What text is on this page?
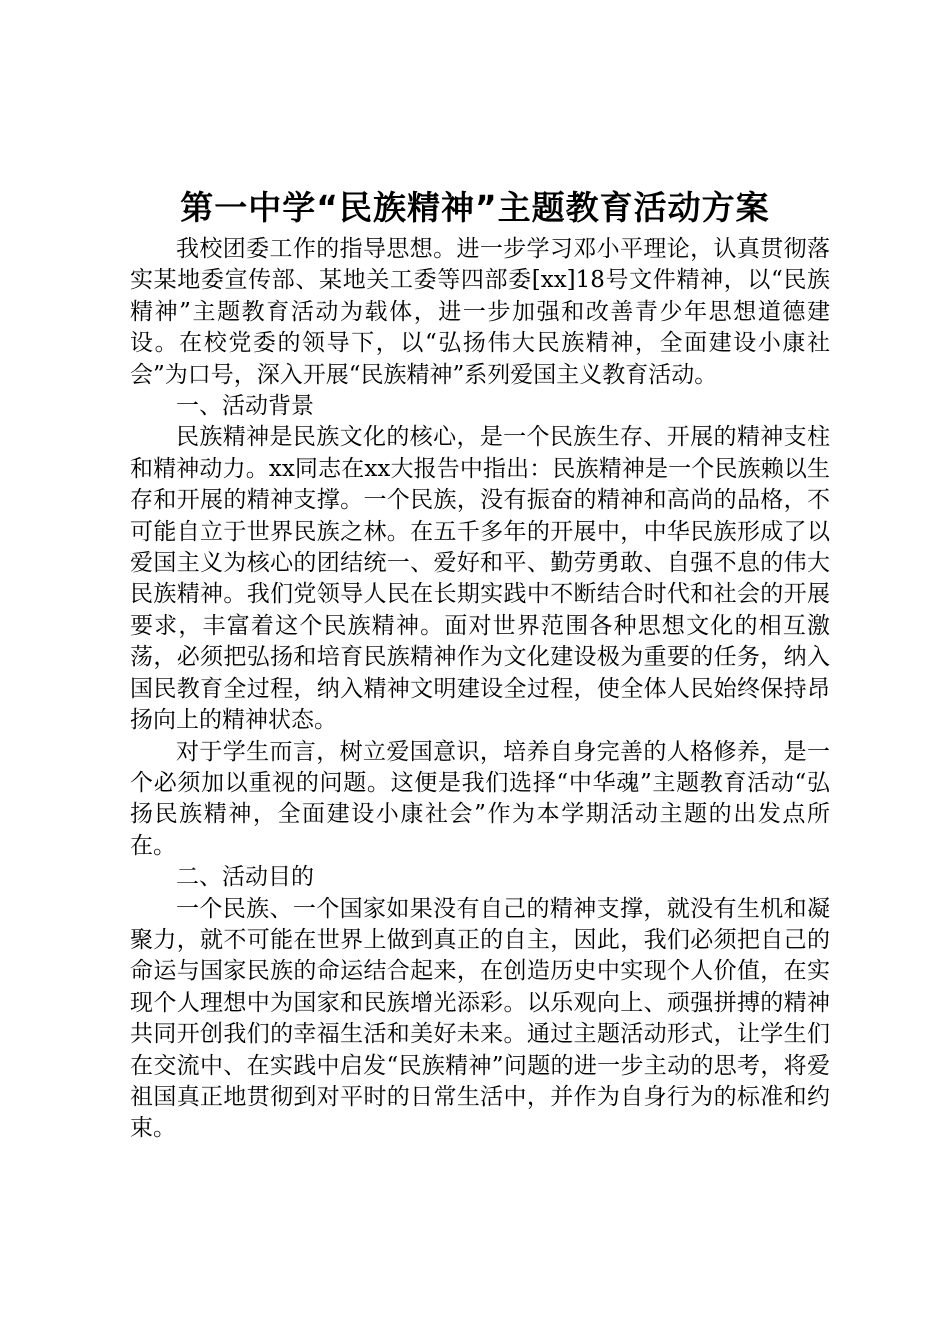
第一中学“民族精神”主题教育活动方案

我校团委工作的指导思想。进一步学习邓小平理论，认真贯彻落实某地委宣传部、某地关工委等四部委[xx]18号文件精神，以“民族精神”主题教育活动为载体，进一步加强和改善青少年思想道德建设。在校党委的领导下，以“弘扬伟大民族精神，全面建设小康社会”为口号，深入开展“民族精神”系列爱国主义教育活动。

一、活动背景

民族精神是民族文化的核心，是一个民族生存、开展的精神支柱和精神动力。xx同志在xx大报告中指出：民族精神是一个民族赖以生存和开展的精神支撑。一个民族，没有振奋的精神和高尚的品格，不可能自立于世界民族之林。在五千多年的开展中，中华民族形成了以爱国主义为核心的团结统一、爱好和平、勤劳勇敢、自强不息的伟大民族精神。我们党领导人民在长期实践中不断结合时代和社会的开展要求，丰富着这个民族精神。面对世界范围各种思想文化的相互激荡，必须把弘扬和培育民族精神作为文化建设极为重要的任务，纳入国民教育全过程，纳入精神文明建设全过程，使全体人民始终保持昂扬向上的精神状态。

对于学生而言，树立爱国意识，培养自身完善的人格修养，是一个必须加以重视的问题。这便是我们选择“中华魂”主题教育活动“弘扬民族精神，全面建设小康社会”作为本学期活动主题的出发点所在。

二、活动目的

一个民族、一个国家如果没有自己的精神支撑，就没有生机和凝聚力，就不可能在世界上做到真正的自主，因此，我们必须把自己的命运与国家民族的命运结合起来，在创造历史中实现个人价值，在实现个人理想中为国家和民族增光添彩。以乐观向上、顽强拼搏的精神共同开创我们的幸福生活和美好未来。通过主题活动形式，让学生们在交流中、在实践中启发“民族精神”问题的进一步主动的思考，将爱祖国真正地贯彻到对平时的日常生活中，并作为自身行为的标准和约束。
